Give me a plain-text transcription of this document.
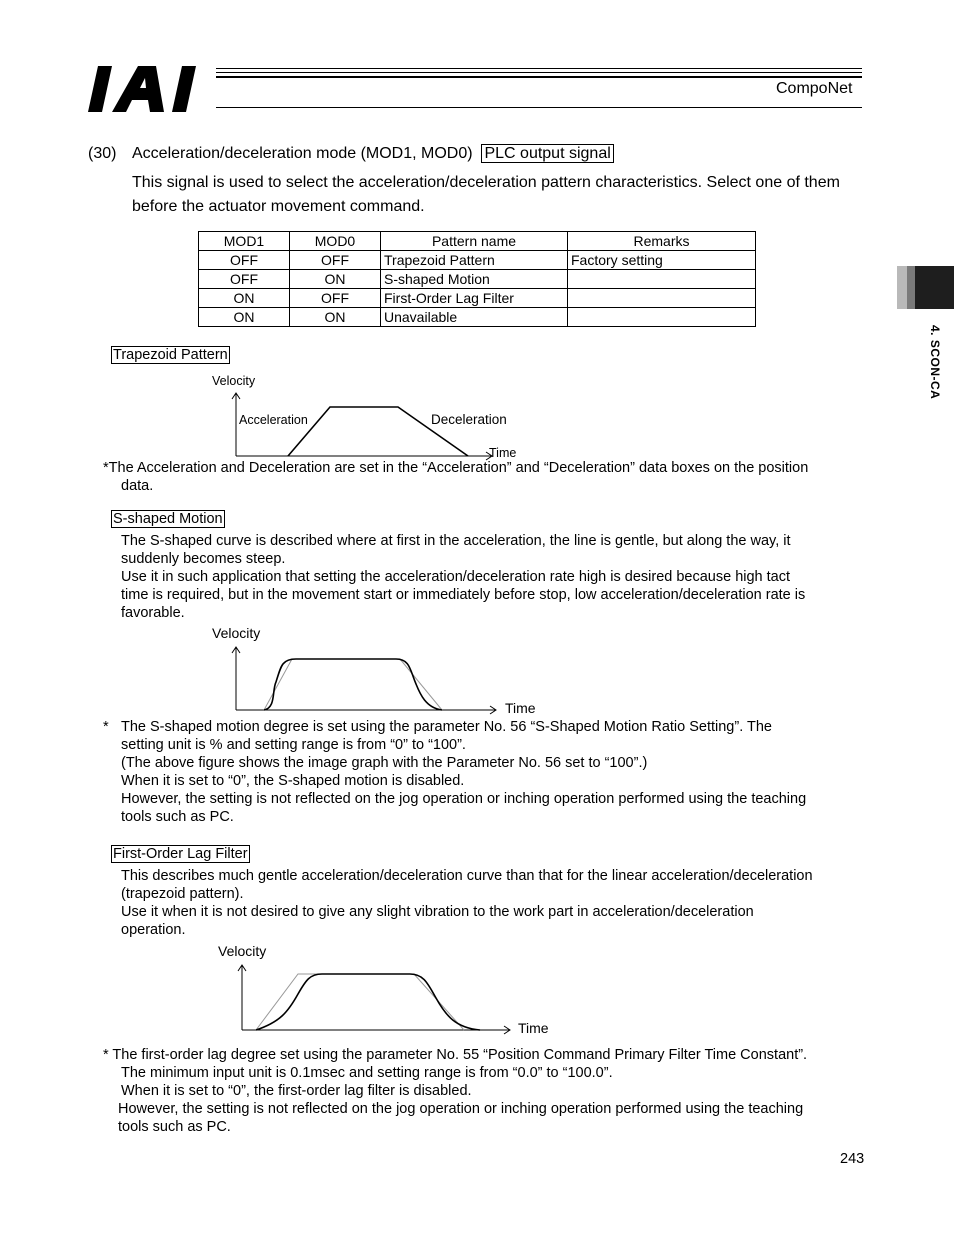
CompoNet
4. SCON-CA
(30) Acceleration/deceleration mode (MOD1, MOD0) PLC output signal
This signal is used to select the acceleration/deceleration pattern characteristics. Select one of them before the actuator movement command.
MOD1	MOD0	Pattern name	Remarks
OFF	OFF	Trapezoid Pattern	Factory setting
OFF	ON	S-shaped Motion	
ON	OFF	First-Order Lag Filter	
ON	ON	Unavailable	
Trapezoid Pattern
Velocity
Acceleration	Deceleration
Time
*The Acceleration and Deceleration are set in the “Acceleration” and “Deceleration” data boxes on the position
data.
S-shaped Motion
The S-shaped curve is described where at first in the acceleration, the line is gentle, but along the way, it
suddenly becomes steep.
Use it in such application that setting the acceleration/deceleration rate high is desired because high tact
time is required, but in the movement start or immediately before stop, low acceleration/deceleration rate is
favorable.
Velocity
Time
* The S-shaped motion degree is set using the parameter No. 56 “S-Shaped Motion Ratio Setting”. The
setting unit is % and setting range is from “0” to “100”.
(The above figure shows the image graph with the Parameter No. 56 set to “100”.)
When it is set to “0”, the S-shaped motion is disabled.
However, the setting is not reflected on the jog operation or inching operation performed using the teaching
tools such as PC.
First-Order Lag Filter
This describes much gentle acceleration/deceleration curve than that for the linear acceleration/deceleration
(trapezoid pattern).
Use it when it is not desired to give any slight vibration to the work part in acceleration/deceleration
operation.
Velocity
Time
* The first-order lag degree set using the parameter No. 55 “Position Command Primary Filter Time Constant”.
The minimum input unit is 0.1msec and setting range is from “0.0” to “100.0”.
When it is set to “0”, the first-order lag filter is disabled.
However, the setting is not reflected on the jog operation or inching operation performed using the teaching
tools such as PC.
243
